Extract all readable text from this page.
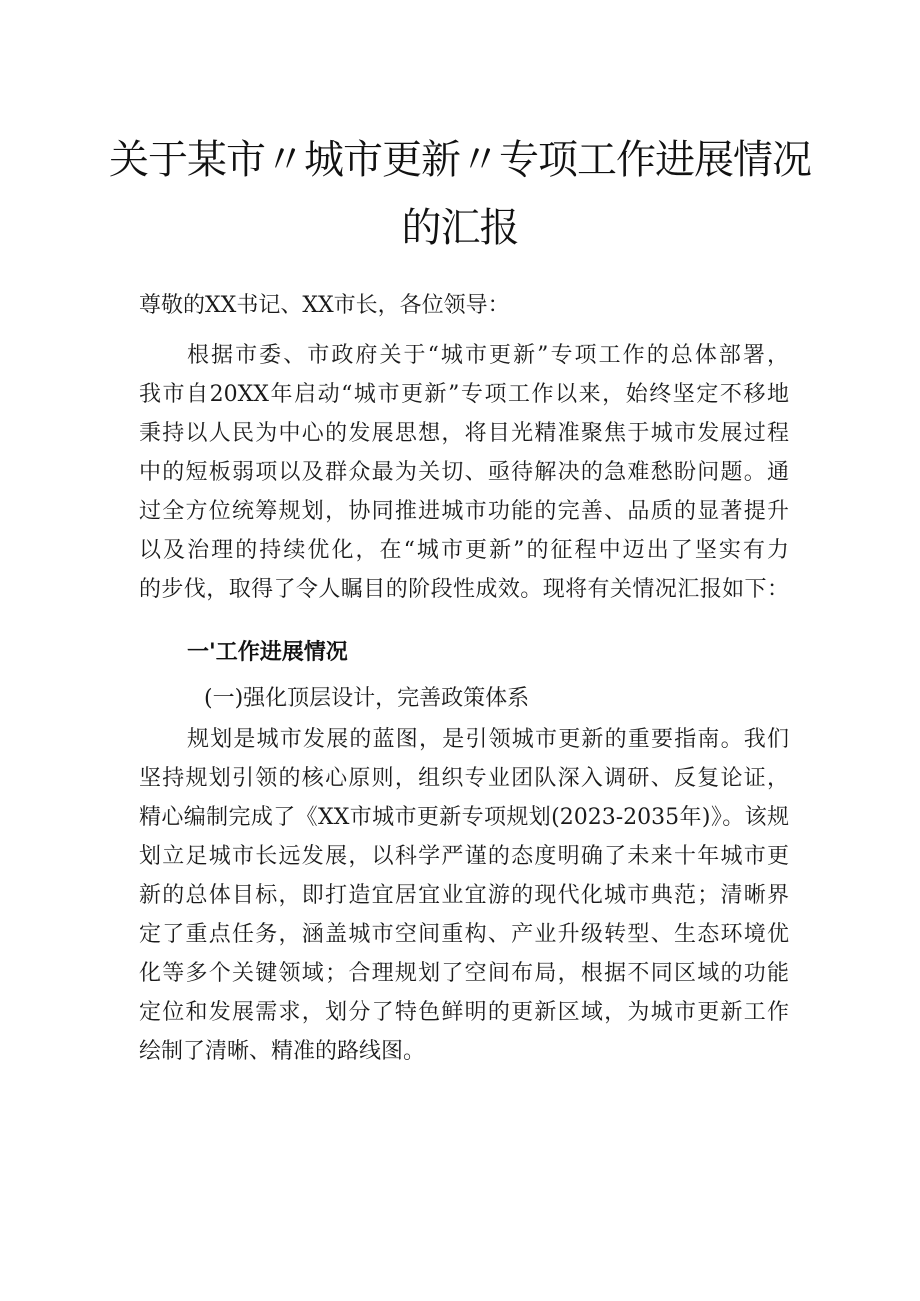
关于某市〃城市更新〃专项工作进展情况
的汇报
尊敬的XX书记、XX市长，各位领导：
根据市委、市政府关于“城市更新”专项工作的总体部署，
我市自20XX年启动“城市更新”专项工作以来，始终坚定不移地
秉持以人民为中心的发展思想，将目光精准聚焦于城市发展过程
中的短板弱项以及群众最为关切、亟待解决的急难愁盼问题。通
过全方位统筹规划，协同推进城市功能的完善、品质的显著提升
以及治理的持续优化，在“城市更新”的征程中迈出了坚实有力
的步伐，取得了令人瞩目的阶段性成效。现将有关情况汇报如下：
一'工作进展情况
(一)强化顶层设计，完善政策体系
规划是城市发展的蓝图，是引领城市更新的重要指南。我们
坚持规划引领的核心原则，组织专业团队深入调研、反复论证，
精心编制完成了《XX市城市更新专项规划(2023-2035年)》。该规
划立足城市长远发展，以科学严谨的态度明确了未来十年城市更
新的总体目标，即打造宜居宜业宜游的现代化城市典范；清晰界
定了重点任务，涵盖城市空间重构、产业升级转型、生态环境优
化等多个关键领域；合理规划了空间布局，根据不同区域的功能
定位和发展需求，划分了特色鲜明的更新区域，为城市更新工作
绘制了清晰、精准的路线图。
